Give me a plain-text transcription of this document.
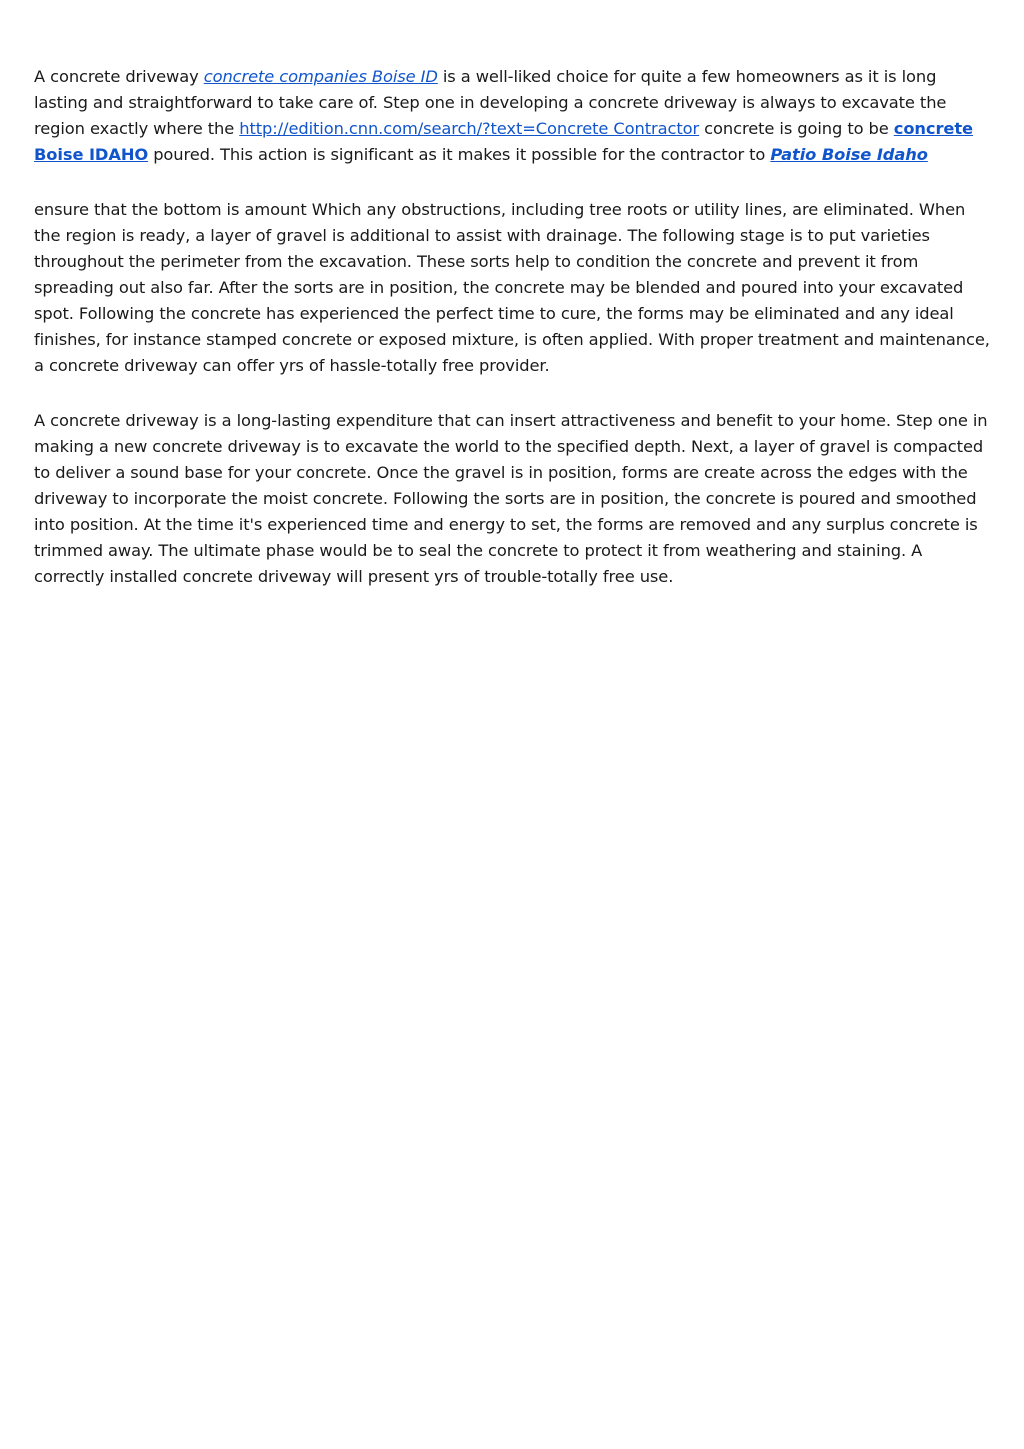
A concrete driveway concrete companies Boise ID is a well-liked choice for quite a few homeowners as it is long lasting and straightforward to take care of. Step one in developing a concrete driveway is always to excavate the region exactly where the http://edition.cnn.com/search/?text=Concrete Contractor concrete is going to be concrete Boise IDAHO poured. This action is significant as it makes it possible for the contractor to Patio Boise Idaho

ensure that the bottom is amount Which any obstructions, including tree roots or utility lines, are eliminated. When the region is ready, a layer of gravel is additional to assist with drainage. The following stage is to put varieties throughout the perimeter from the excavation. These sorts help to condition the concrete and prevent it from spreading out also far. After the sorts are in position, the concrete may be blended and poured into your excavated spot. Following the concrete has experienced the perfect time to cure, the forms may be eliminated and any ideal finishes, for instance stamped concrete or exposed mixture, is often applied. With proper treatment and maintenance, a concrete driveway can offer yrs of hassle-totally free provider.

A concrete driveway is a long-lasting expenditure that can insert attractiveness and benefit to your home. Step one in making a new concrete driveway is to excavate the world to the specified depth. Next, a layer of gravel is compacted to deliver a sound base for your concrete. Once the gravel is in position, forms are create across the edges with the driveway to incorporate the moist concrete. Following the sorts are in position, the concrete is poured and smoothed into position. At the time it's experienced time and energy to set, the forms are removed and any surplus concrete is trimmed away. The ultimate phase would be to seal the concrete to protect it from weathering and staining. A correctly installed concrete driveway will present yrs of trouble-totally free use.
